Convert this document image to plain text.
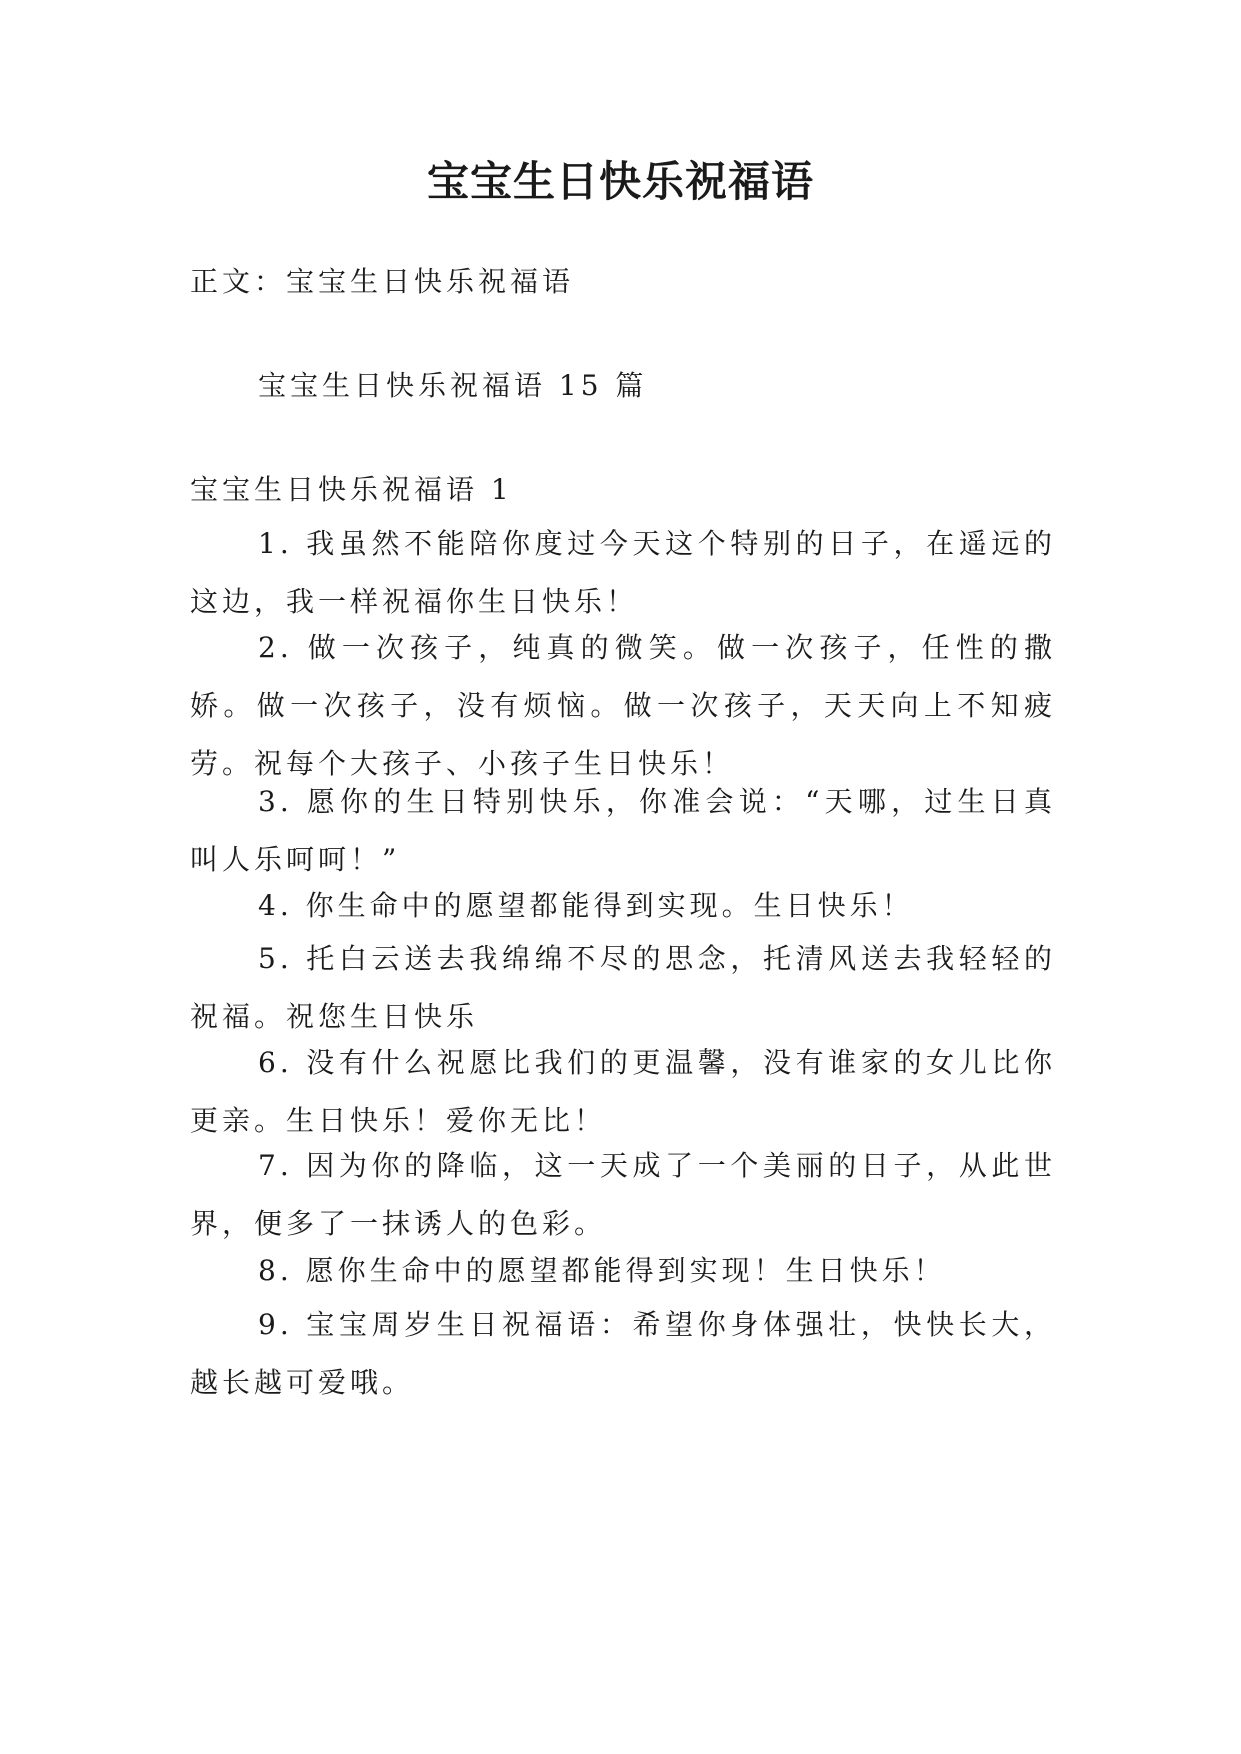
宝宝生日快乐祝福语
正文：宝宝生日快乐祝福语
宝宝生日快乐祝福语 15 篇
宝宝生日快乐祝福语 1
1. 我虽然不能陪你度过今天这个特别的日子，在遥远的这边，我一样祝福你生日快乐！
2. 做一次孩子，纯真的微笑。做一次孩子，任性的撒娇。做一次孩子，没有烦恼。做一次孩子，天天向上不知疲劳。祝每个大孩子、小孩子生日快乐！
3. 愿你的生日特别快乐，你准会说：“天哪，过生日真叫人乐呵呵！”
4. 你生命中的愿望都能得到实现。生日快乐！
5. 托白云送去我绵绵不尽的思念，托清风送去我轻轻的祝福。祝您生日快乐
6. 没有什么祝愿比我们的更温馨，没有谁家的女儿比你更亲。生日快乐！爱你无比！
7. 因为你的降临，这一天成了一个美丽的日子，从此世界，便多了一抹诱人的色彩。
8. 愿你生命中的愿望都能得到实现！生日快乐！
9. 宝宝周岁生日祝福语：希望你身体强壮，快快长大，越长越可爱哦。
